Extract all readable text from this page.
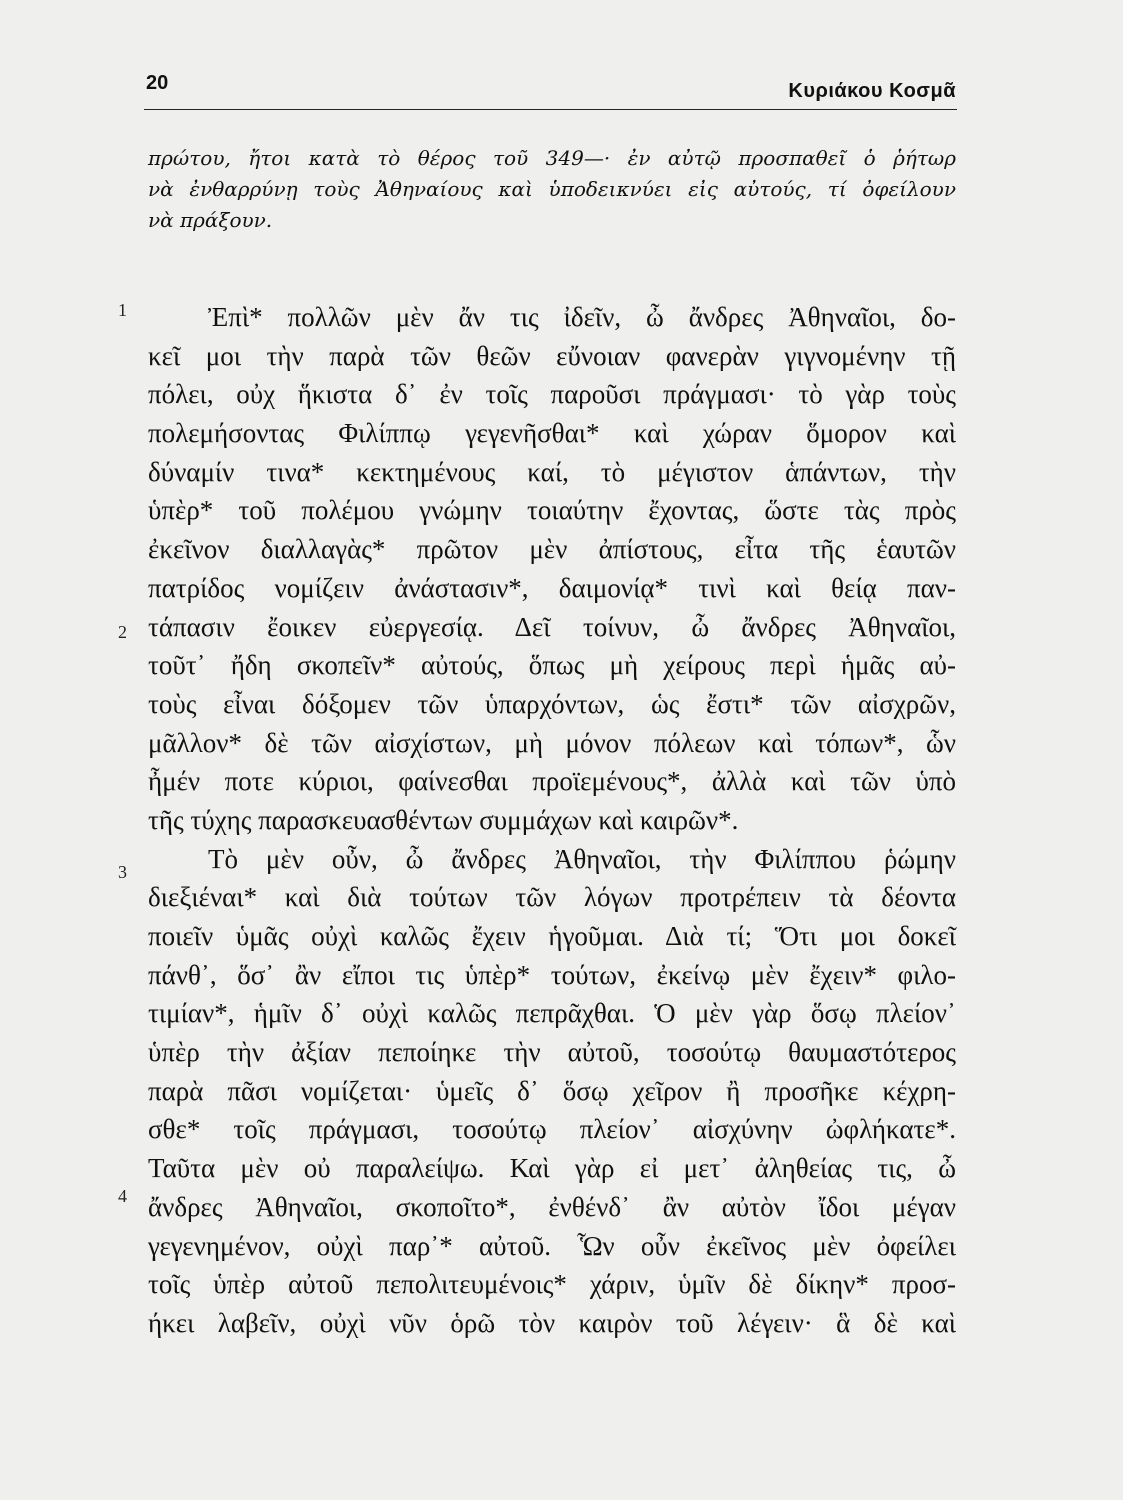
20	Κυριάκου Κοσμᾶ
πρώτου, ἤτοι κατὰ τὸ θέρος τοῦ 349—· ἐν αὐτῷ προσπαθεῖ ὁ ῥήτωρ
νὰ ἐνθαρρύνῃ τοὺς Ἀθηναίους καὶ ὑποδεικνύει εἰς αὐτούς, τί ὀφείλουν
νὰ πράξουν.
1
2
3
4
Ἐπὶ* πολλῶν μὲν ἄν τις ἰδεῖν, ὦ ἄνδρες Ἀθηναῖοι, δο-
κεῖ μοι τὴν παρὰ τῶν θεῶν εὔνοιαν φανερὰν γιγνομένην τῇ
πόλει, οὐχ ἥκιστα δ᾽ ἐν τοῖς παροῦσι πράγμασι· τὸ γὰρ τοὺς
πολεμήσοντας Φιλίππῳ γεγενῆσθαι* καὶ χώραν ὅμορον καὶ
δύναμίν τινα* κεκτημένους καί, τὸ μέγιστον ἁπάντων, τὴν
ὑπὲρ* τοῦ πολέμου γνώμην τοιαύτην ἔχοντας, ὥστε τὰς πρὸς
ἐκεῖνον διαλλαγὰς* πρῶτον μὲν ἀπίστους, εἶτα τῆς ἑαυτῶν
πατρίδος νομίζειν ἀνάστασιν*, δαιμονίᾳ* τινὶ καὶ θείᾳ παν-
τάπασιν ἔοικεν εὐεργεσίᾳ. Δεῖ τοίνυν, ὦ ἄνδρες Ἀθηναῖοι,
τοῦτ᾽ ἤδη σκοπεῖν* αὐτούς, ὅπως μὴ χείρους περὶ ἡμᾶς αὐ-
τοὺς εἶναι δόξομεν τῶν ὑπαρχόντων, ὡς ἔστι* τῶν αἰσχρῶν,
μᾶλλον* δὲ τῶν αἰσχίστων, μὴ μόνον πόλεων καὶ τόπων*, ὧν
ἦμέν ποτε κύριοι, φαίνεσθαι προϊεμένους*, ἀλλὰ καὶ τῶν ὑπὸ
τῆς τύχης παρασκευασθέντων συμμάχων καὶ καιρῶν*.
Τὸ μὲν οὖν, ὦ ἄνδρες Ἀθηναῖοι, τὴν Φιλίππου ῥώμην
διεξιέναι* καὶ διὰ τούτων τῶν λόγων προτρέπειν τὰ δέοντα
ποιεῖν ὑμᾶς οὐχὶ καλῶς ἔχειν ἡγοῦμαι. Διὰ τί; Ὅτι μοι δοκεῖ
πάνθ᾽, ὅσ᾽ ἂν εἴποι τις ὑπὲρ* τούτων, ἐκείνῳ μὲν ἔχειν* φιλο-
τιμίαν*, ἡμῖν δ᾽ οὐχὶ καλῶς πεπρᾶχθαι. Ὁ μὲν γὰρ ὅσῳ πλείον᾽
ὑπὲρ τὴν ἀξίαν πεποίηκε τὴν αὐτοῦ, τοσούτῳ θαυμαστότερος
παρὰ πᾶσι νομίζεται· ὑμεῖς δ᾽ ὅσῳ χεῖρον ἢ προσῆκε κέχρη-
σθε* τοῖς πράγμασι, τοσούτῳ πλείον᾽ αἰσχύνην ὠφλήκατε*.
Ταῦτα μὲν οὐ παραλείψω. Καὶ γὰρ εἰ μετ᾽ ἀληθείας τις, ὦ
ἄνδρες Ἀθηναῖοι, σκοποῖτο*, ἐνθένδ᾽ ἂν αὐτὸν ἴδοι μέγαν
γεγενημένον, οὐχὶ παρ᾽* αὐτοῦ. Ὧν οὖν ἐκεῖνος μὲν ὀφείλει
τοῖς ὑπὲρ αὐτοῦ πεπολιτευμένοις* χάριν, ὑμῖν δὲ δίκην* προσ-
ήκει λαβεῖν, οὐχὶ νῦν ὁρῶ τὸν καιρὸν τοῦ λέγειν· ἃ δὲ καὶ
